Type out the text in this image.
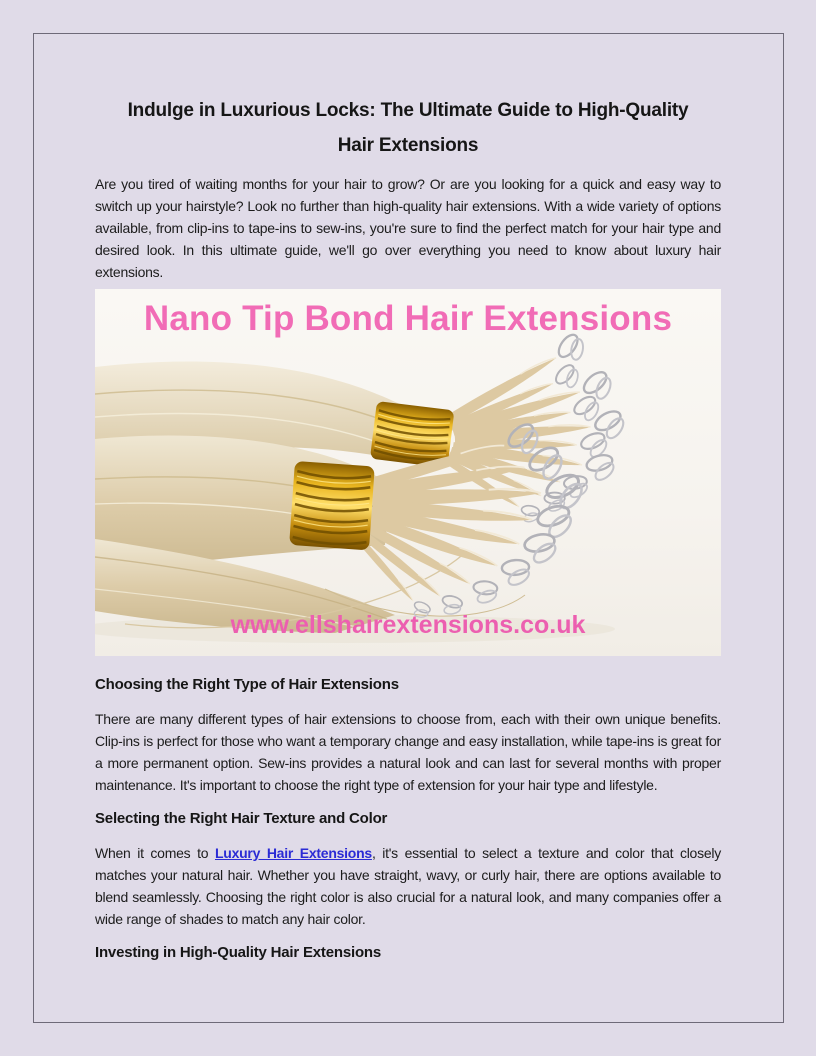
Indulge in Luxurious Locks: The Ultimate Guide to High-Quality
Hair Extensions

Are you tired of waiting months for your hair to grow? Or are you looking for a quick and easy way to switch up your hairstyle? Look no further than high-quality hair extensions. With a wide variety of options available, from clip-ins to tape-ins to sew-ins, you're sure to find the perfect match for your hair type and desired look. In this ultimate guide, we'll go over everything you need to know about luxury hair extensions.

Nano Tip Bond Hair Extensions
www.ellshairextensions.co.uk
Choosing the Right Type of Hair Extensions

There are many different types of hair extensions to choose from, each with their own unique benefits. Clip-ins is perfect for those who want a temporary change and easy installation, while tape-ins is great for a more permanent option. Sew-ins provides a natural look and can last for several months with proper maintenance. It's important to choose the right type of extension for your hair type and lifestyle.

Selecting the Right Hair Texture and Color

When it comes to Luxury Hair Extensions, it's essential to select a texture and color that closely matches your natural hair. Whether you have straight, wavy, or curly hair, there are options available to blend seamlessly. Choosing the right color is also crucial for a natural look, and many companies offer a wide range of shades to match any hair color.

Investing in High-Quality Hair Extensions
